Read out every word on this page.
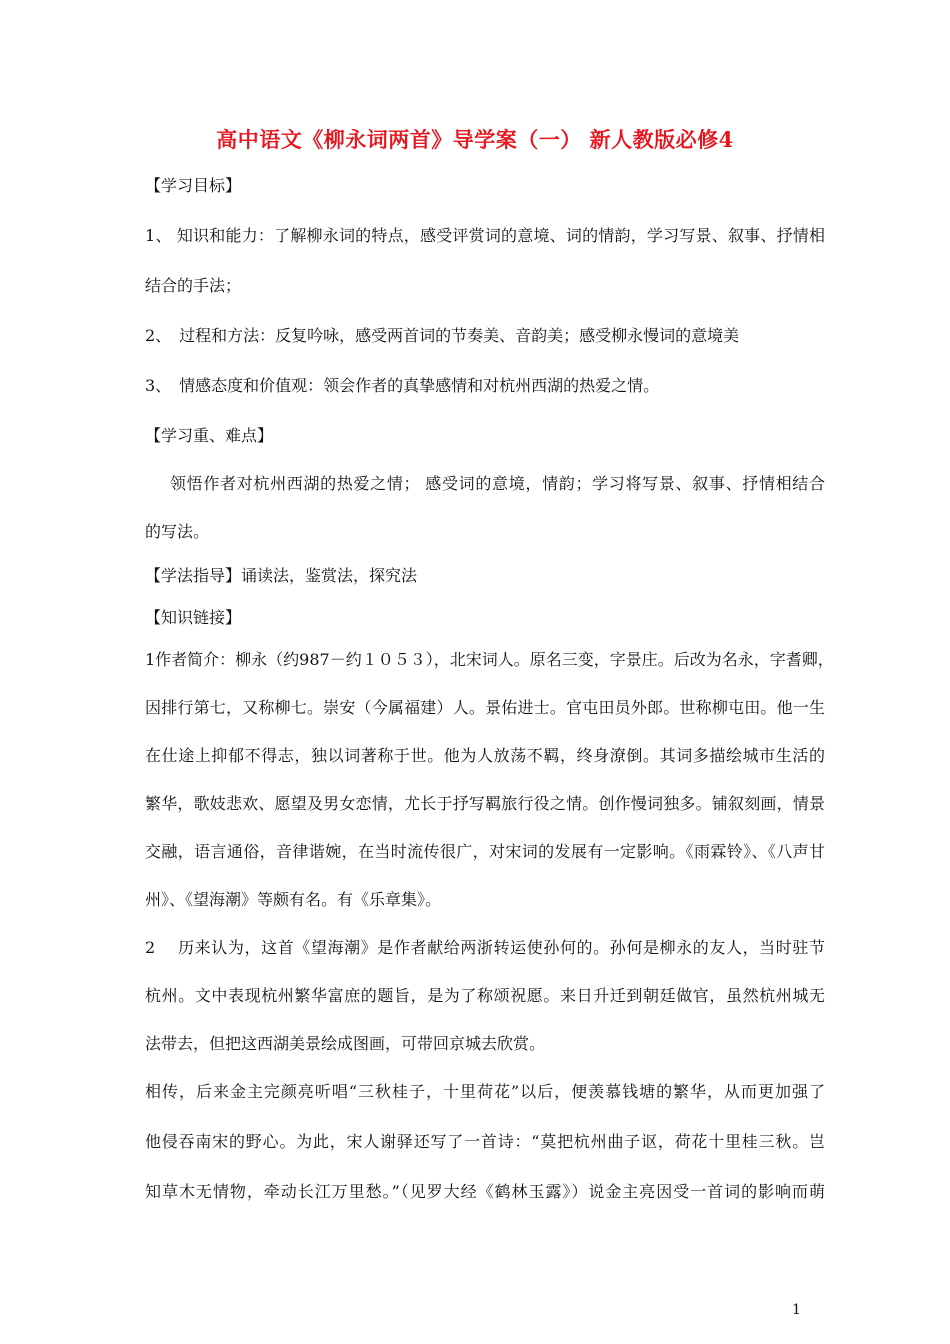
高中语文《柳永词两首》导学案（一） 新人教版必修4
【学习目标】
1、 知识和能力：了解柳永词的特点，感受评赏词的意境、词的情韵，学习写景、叙事、抒情相
结合的手法；
2、　过程和方法：反复吟咏，感受两首词的节奏美、音韵美；感受柳永慢词的意境美
3、　情感态度和价值观：领会作者的真挚感情和对杭州西湖的热爱之情。
【学习重、难点】
领悟作者对杭州西湖的热爱之情； 感受词的意境，情韵；学习将写景、叙事、抒情相结合
的写法。
【学法指导】诵读法，鉴赏法，探究法
【知识链接】
1作者简介：柳永（约987－约１０５３），北宋词人。原名三变，字景庄。后改为名永，字耆卿，
因排行第七，又称柳七。崇安（今属福建）人。景佑进士。官屯田员外郎。世称柳屯田。他一生
在仕途上抑郁不得志，独以词著称于世。他为人放荡不羁，终身潦倒。其词多描绘城市生活的
繁华，歌妓悲欢、愿望及男女恋情，尤长于抒写羁旅行役之情。创作慢词独多。铺叙刻画，情景
交融，语言通俗，音律谐婉，在当时流传很广，对宋词的发展有一定影响。《雨霖铃》、《八声甘
州》、《望海潮》等颇有名。有《乐章集》。
2　 历来认为，这首《望海潮》是作者献给两浙转运使孙何的。孙何是柳永的友人，当时驻节
杭州。文中表现杭州繁华富庶的题旨，是为了称颂祝愿。来日升迁到朝廷做官，虽然杭州城无
法带去，但把这西湖美景绘成图画，可带回京城去欣赏。
相传，后来金主完颜亮听唱“三秋桂子，十里荷花”以后，便羡慕钱塘的繁华，从而更加强了
他侵吞南宋的野心。为此，宋人谢驿还写了一首诗：“莫把杭州曲子讴，荷花十里桂三秋。岂
知草木无情物，牵动长江万里愁。”（见罗大经《鹤林玉露》）说金主亮因受一首词的影响而萌
1
